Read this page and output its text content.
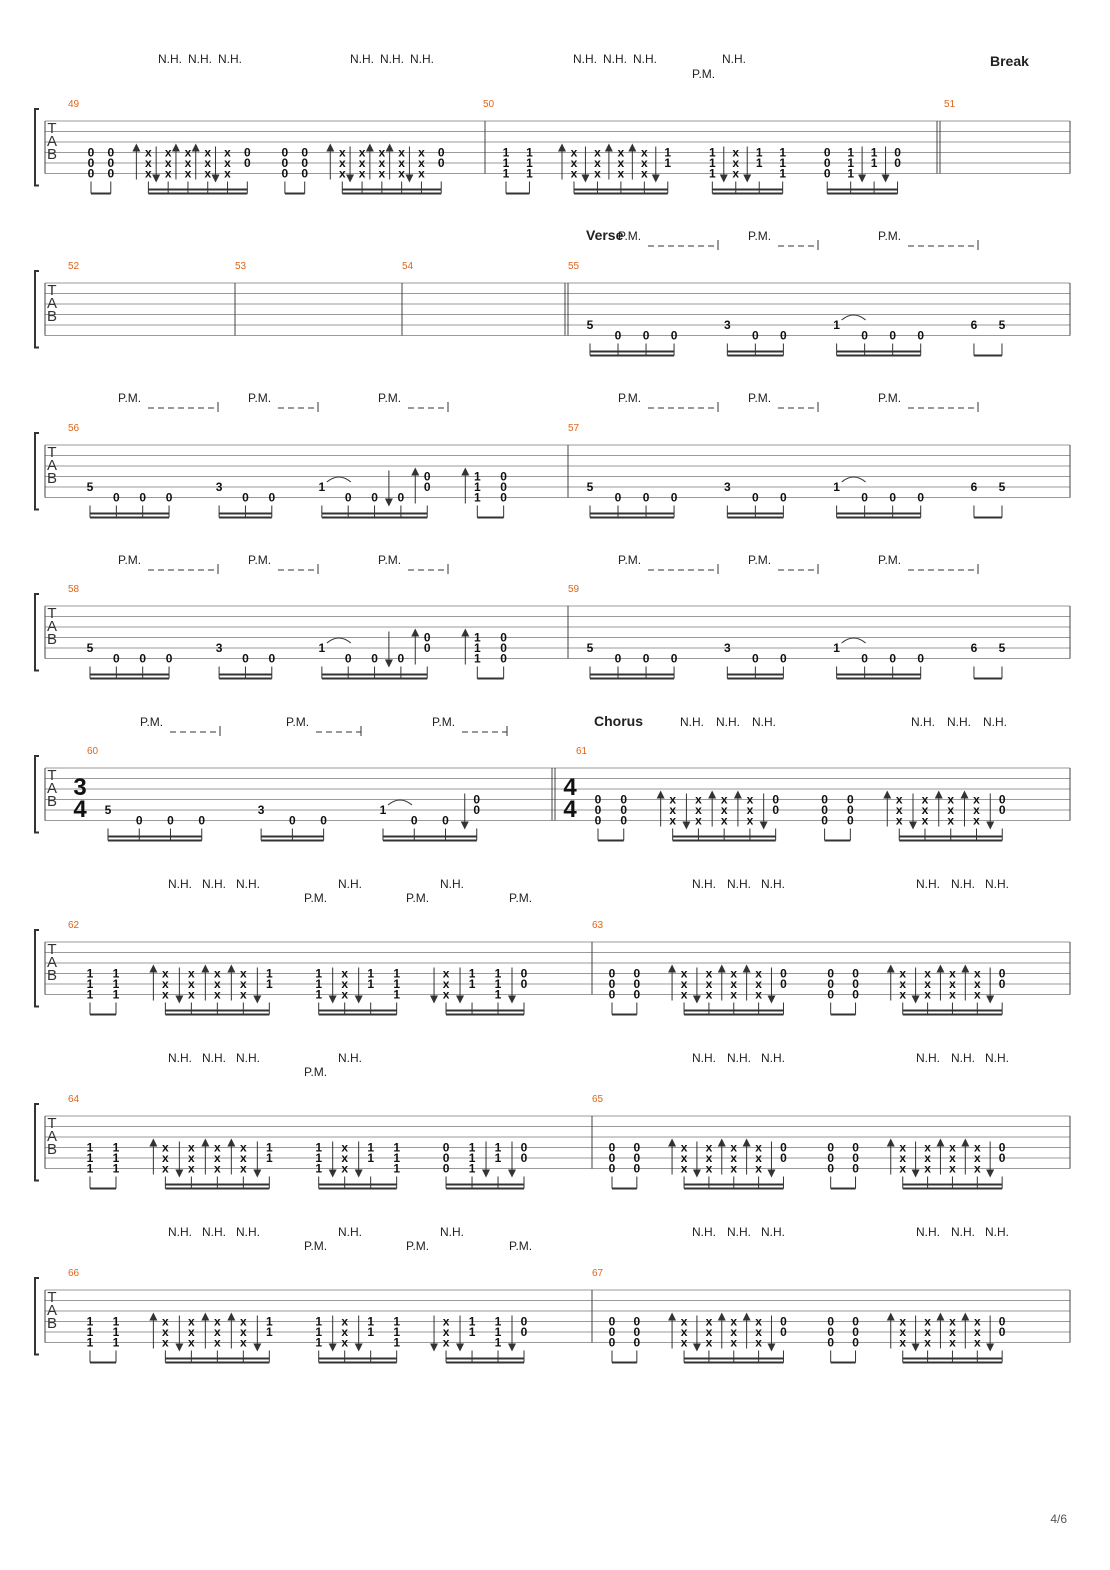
T
A
B
49	50	51
T
A
B
52	53	54	55
T
A
B
56	57
T
A
B
58	59
T
A
B
60	61
T
A
B
62	63
T
A
B
64	65
T
A
B
66	67
N.H. N.H. N.H.	N.H. N.H. N.H.	N.H. N.H. N.H.	N.H.
P.M.
Break
0
0
0
0
0
0
x
x
x
x
x
x
x
x
x
x
x
x
x
x
x
0
0
0
0
0
0
0
0
x
x
x
x
x
x
x
x
x
x
x
x
x
x
x
0
0
1
1
1
1
1
1
x
x
x
x
x
x
x
x
x
x
x
x
1
1
1
1
1
x
x
x
1
1
1
1
1
0
0
0
1
1
1
1
1
0
0
Verse
P.M.	P.M.	P.M.
5
0 0 0
3
0 0
1
0 0 0
6 5
P.M.	P.M.	P.M.	P.M.	P.M.	P.M.
5
0 0 0
3
0 0
1
0 0 0
0
0
1
1
1
0
0
0
5
0 0 0
3
0 0
1
0 0 0
6 5
P.M.	P.M.	P.M.	P.M.	P.M.	P.M.
5
0 0 0
3
0 0
1
0 0 0
0
0
1
1
1
0
0
0
5
0 0 0
3
0 0
1
0 0 0
6 5
P.M.	P.M.	P.M.	Chorus	N.H. N.H. N.H.	N.H. N.H. N.H.
3
4
4
4
5
0 0 0
3
0 0
1
0 0
0
0
0
0
0
0
0
0
x
x
x
x
x
x
x
x
x
x
x
x
0
0
0
0
0
0
0
0
x
x
x
x
x
x
x
x
x
x
x
x
0
0
N.H. N.H. N.H.	N.H.
P.M.
N.H.
P.M.	P.M.
N.H. N.H. N.H.	N.H. N.H. N.H.
1
1
1
1
1
1
x
x
x
x
x
x
x
x
x
x
x
x
1
1
1
1
1
x
x
x
1
1
1
1
1
x
x
x
1
1
1
1
1
0
0
0
0
0
0
0
0
x
x
x
x
x
x
x
x
x
x
x
x
0
0
0
0
0
0
0
0
x
x
x
x
x
x
x
x
x
x
x
x
0
0
N.H. N.H. N.H.	N.H.
P.M.
N.H. N.H. N.H.	N.H. N.H. N.H.
1
1
1
1
1
1
x
x
x
x
x
x
x
x
x
x
x
x
1
1
1
1
1
x
x
x
1
1
1
1
1
0
0
0
1
1
1
1
1
0
0
0
0
0
0
0
0
x
x
x
x
x
x
x
x
x
x
x
x
0
0
0
0
0
0
0
0
x
x
x
x
x
x
x
x
x
x
x
x
0
0
N.H. N.H. N.H.	N.H.
P.M.
N.H.
P.M.	P.M.
N.H. N.H. N.H.	N.H. N.H. N.H.
1
1
1
1
1
1
x
x
x
x
x
x
x
x
x
x
x
x
1
1
1
1
1
x
x
x
1
1
1
1
1
x
x
x
1
1
1
1
1
0
0
0
0
0
0
0
0
x
x
x
x
x
x
x
x
x
x
x
x
0
0
0
0
0
0
0
0
x
x
x
x
x
x
x
x
x
x
x
x
0
0
4/6
